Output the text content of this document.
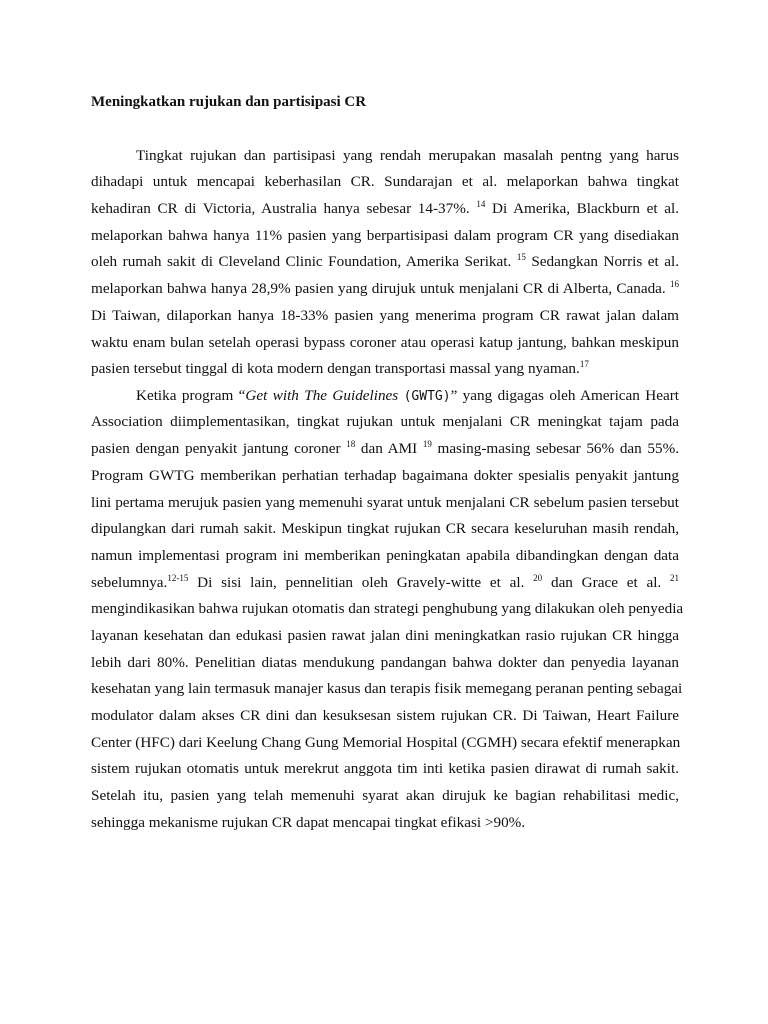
Meningkatkan rujukan dan partisipasi CR
Tingkat rujukan dan partisipasi yang rendah merupakan masalah pentng yang harus
dihadapi untuk mencapai keberhasilan CR. Sundarajan et al. melaporkan bahwa tingkat
kehadiran CR di Victoria, Australia hanya sebesar 14-37%. $^{14}$ Di Amerika, Blackburn et al.
melaporkan bahwa hanya 11% pasien yang berpartisipasi dalam program CR yang disediakan
oleh rumah sakit di Cleveland Clinic Foundation, Amerika Serikat. $^{15}$ Sedangkan Norris et al.
melaporkan bahwa hanya 28,9% pasien yang dirujuk untuk menjalani CR di Alberta, Canada. $^{16}$
Di Taiwan, dilaporkan hanya 18-33% pasien yang menerima program CR rawat jalan dalam
waktu enam bulan setelah operasi bypass coroner atau operasi katup jantung, bahkan meskipun
pasien tersebut tinggal di kota modern dengan transportasi massal yang nyaman.$^{17}$
Ketika program “Get with The Guidelines (GWTG)” yang digagas oleh American Heart
Association diimplementasikan, tingkat rujukan untuk menjalani CR meningkat tajam pada
pasien dengan penyakit jantung coroner $^{18}$ dan AMI $^{19}$ masing-masing sebesar 56% dan 55%.
Program GWTG memberikan perhatian terhadap bagaimana dokter spesialis penyakit jantung
lini pertama merujuk pasien yang memenuhi syarat untuk menjalani CR sebelum pasien tersebut
dipulangkan dari rumah sakit. Meskipun tingkat rujukan CR secara keseluruhan masih rendah,
namun implementasi program ini memberikan peningkatan apabila dibandingkan dengan data
sebelumnya.$^{12-15}$ Di sisi lain, pennelitian oleh Gravely-witte et al. $^{20}$ dan Grace et al. $^{21}$
mengindikasikan bahwa rujukan otomatis dan strategi penghubung yang dilakukan oleh penyedia
layanan kesehatan dan edukasi pasien rawat jalan dini meningkatkan rasio rujukan CR hingga
lebih dari 80%. Penelitian diatas mendukung pandangan bahwa dokter dan penyedia layanan
kesehatan yang lain termasuk manajer kasus dan terapis fisik memegang peranan penting sebagai
modulator dalam akses CR dini dan kesuksesan sistem rujukan CR. Di Taiwan, Heart Failure
Center (HFC) dari Keelung Chang Gung Memorial Hospital (CGMH) secara efektif menerapkan
sistem rujukan otomatis untuk merekrut anggota tim inti ketika pasien dirawat di rumah sakit.
Setelah itu, pasien yang telah memenuhi syarat akan dirujuk ke bagian rehabilitasi medic,
sehingga mekanisme rujukan CR dapat mencapai tingkat efikasi >90%.
